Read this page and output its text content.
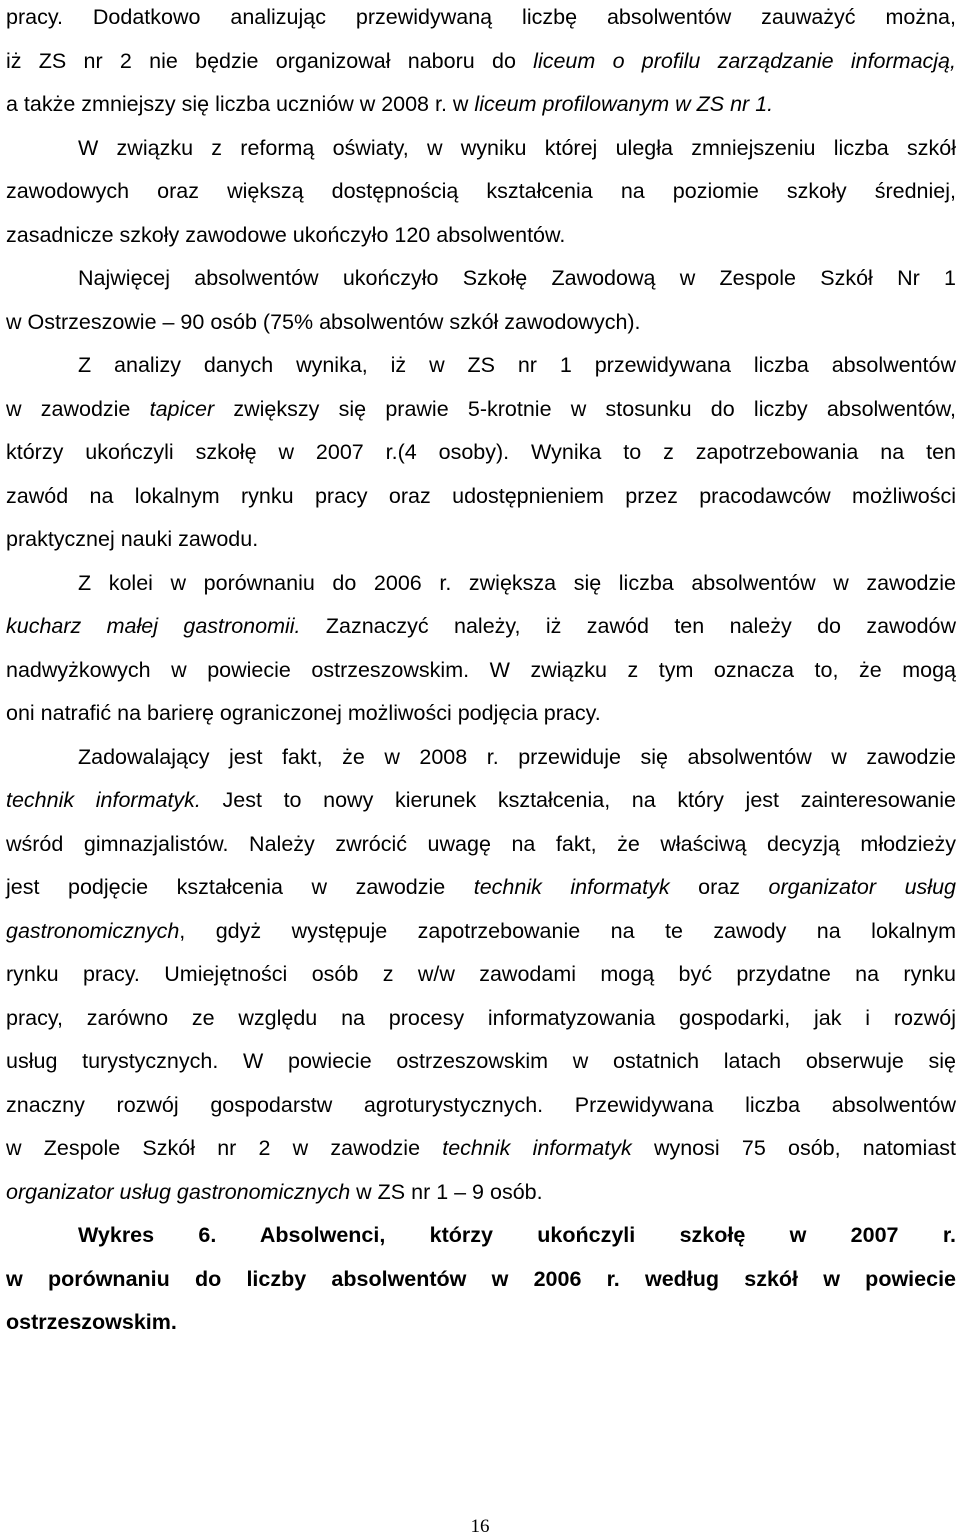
pracy. Dodatkowo analizując przewidywaną liczbę absolwentów zauważyć można,
iż ZS nr 2 nie będzie organizował naboru do liceum o profilu zarządzanie informacją,
a także zmniejszy się liczba uczniów w 2008 r. w liceum profilowanym w ZS nr 1.
W związku z reformą oświaty, w wyniku której uległa zmniejszeniu liczba szkół
zawodowych oraz większą dostępnością kształcenia na poziomie szkoły średniej,
zasadnicze szkoły zawodowe ukończyło 120 absolwentów.
Najwięcej absolwentów ukończyło Szkołę Zawodową w Zespole Szkół Nr 1
w Ostrzeszowie – 90 osób (75% absolwentów szkół zawodowych).
Z analizy danych wynika, iż w ZS nr 1 przewidywana liczba absolwentów
w zawodzie tapicer zwiększy się prawie 5-krotnie w stosunku do liczby absolwentów,
którzy ukończyli szkołę w 2007 r.(4 osoby). Wynika to z zapotrzebowania na ten
zawód na lokalnym rynku pracy oraz udostępnieniem przez pracodawców możliwości
praktycznej nauki zawodu.
Z kolei w porównaniu do 2006 r. zwiększa się liczba absolwentów w zawodzie
kucharz małej gastronomii. Zaznaczyć należy, iż zawód ten należy do zawodów
nadwyżkowych w powiecie ostrzeszowskim. W związku z tym oznacza to, że mogą
oni natrafić na barierę ograniczonej możliwości podjęcia pracy.
Zadowalający jest fakt, że w 2008 r. przewiduje się absolwentów w zawodzie
technik informatyk. Jest to nowy kierunek kształcenia, na który jest zainteresowanie
wśród gimnazjalistów. Należy zwrócić uwagę na fakt, że właściwą decyzją młodzieży
jest podjęcie kształcenia w zawodzie technik informatyk oraz organizator usług
gastronomicznych, gdyż występuje zapotrzebowanie na te zawody na lokalnym
rynku pracy. Umiejętności osób z w/w zawodami mogą być przydatne na rynku
pracy, zarówno ze względu na procesy informatyzowania gospodarki, jak i rozwój
usług turystycznych. W powiecie ostrzeszowskim w ostatnich latach obserwuje się
znaczny rozwój gospodarstw agroturystycznych. Przewidywana liczba absolwentów
w Zespole Szkół nr 2 w zawodzie technik informatyk wynosi 75 osób, natomiast
organizator usług gastronomicznych w ZS nr 1 – 9 osób.
Wykres 6. Absolwenci, którzy ukończyli szkołę w 2007 r.
w porównaniu do liczby absolwentów w 2006 r. według szkół w powiecie
ostrzeszowskim.
16
